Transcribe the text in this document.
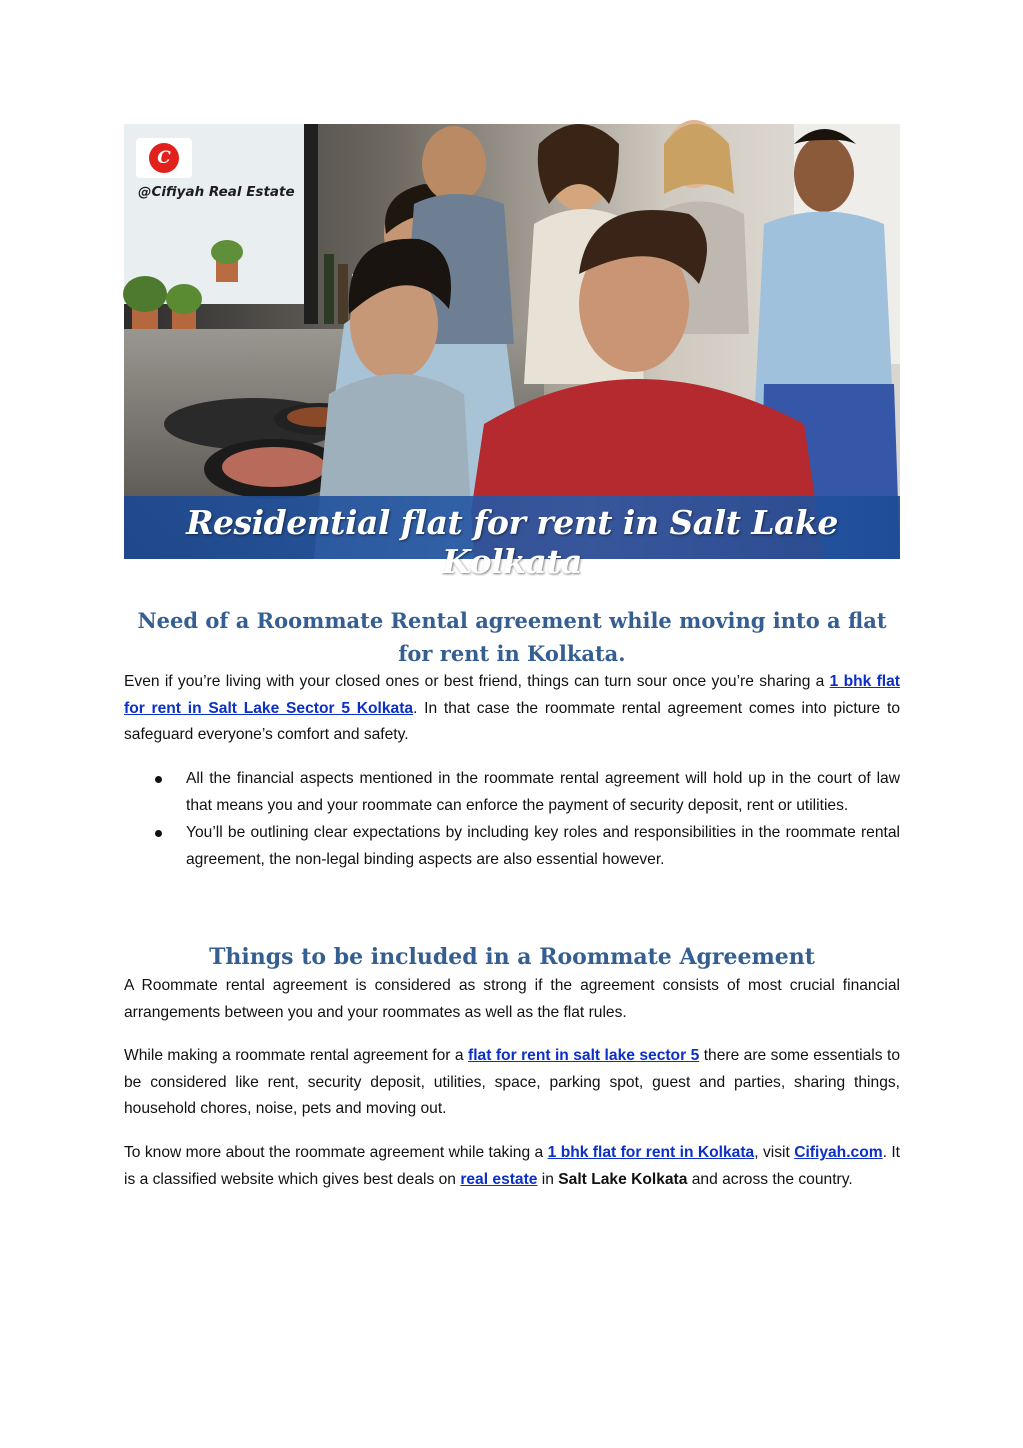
C
@Cifiyah Real Estate
Residential flat for rent in Salt Lake Kolkata
Need of a Roommate Rental agreement while moving into a flat for rent in Kolkata.

Even if you’re living with your closed ones or best friend, things can turn sour once you’re sharing a 1 bhk flat for rent in Salt Lake Sector 5 Kolkata. In that case the roommate rental agreement comes into picture to safeguard everyone’s comfort and safety.

All the financial aspects mentioned in the roommate rental agreement will hold up in the court of law that means you and your roommate can enforce the payment of security deposit, rent or utilities.
You’ll be outlining clear expectations by including key roles and responsibilities in the roommate rental agreement, the non-legal binding aspects are also essential however.
Things to be included in a Roommate Agreement

A Roommate rental agreement is considered as strong if the agreement consists of most crucial financial arrangements between you and your roommates as well as the flat rules.

While making a roommate rental agreement for a flat for rent in salt lake sector 5 there are some essentials to be considered like rent, security deposit, utilities, space, parking spot, guest and parties, sharing things, household chores, noise, pets and moving out.

To know more about the roommate agreement while taking a 1 bhk flat for rent in Kolkata, visit Cifiyah.com. It is a classified website which gives best deals on real estate in Salt Lake Kolkata and across the country.
